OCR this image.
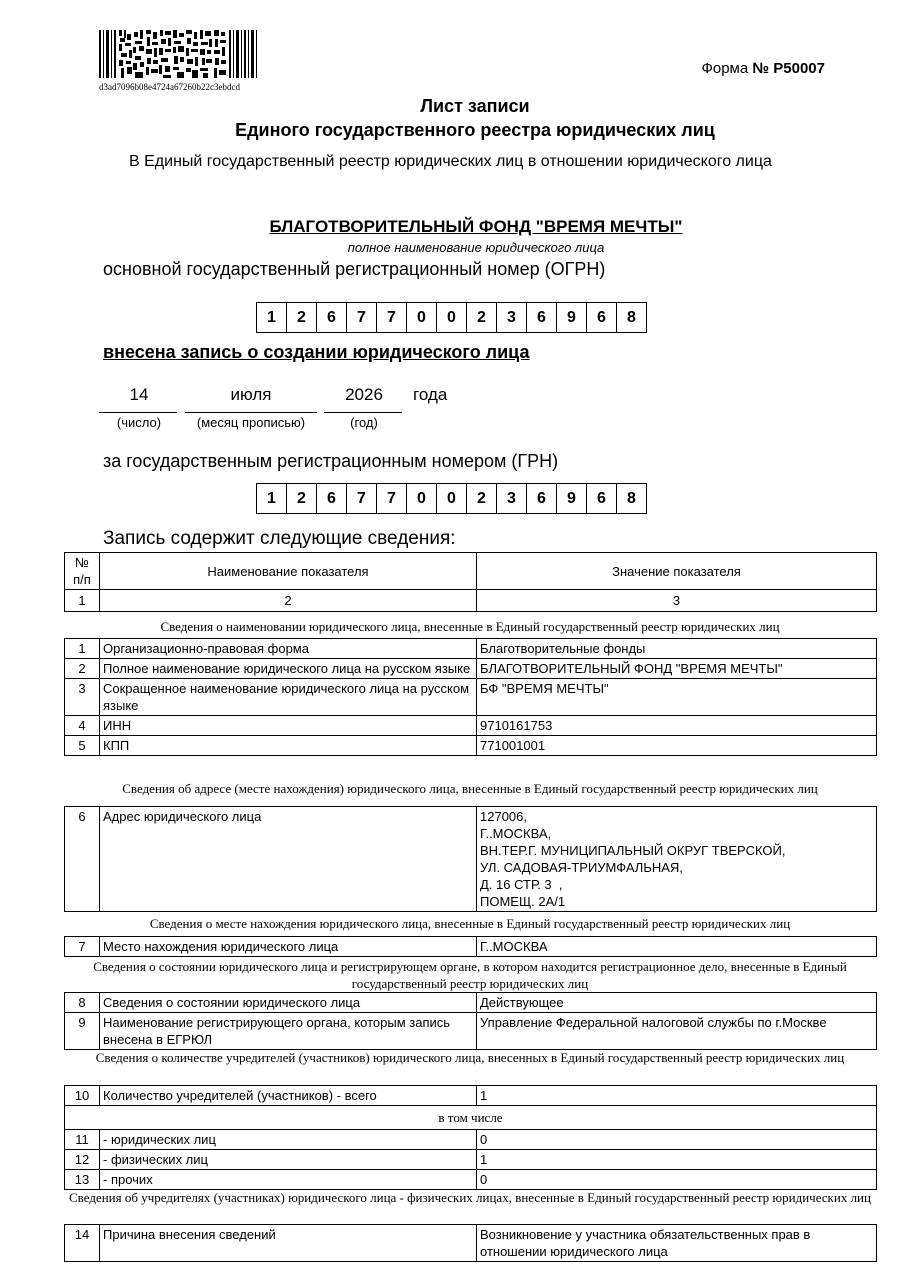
d3ad7096b08e4724a67260b22c3ebdcd
Форма № Р50007
Лист записи
Единого государственного реестра юридических лиц
В Единый государственный реестр юридических лиц в отношении юридического лица
БЛАГОТВОРИТЕЛЬНЫЙ ФОНД "ВРЕМЯ МЕЧТЫ"
полное наименование юридического лица
основной государственный регистрационный номер (ОГРН)
1	2	6	7	7	0	0	2	3	6	9	6	8
внесена запись о создании юридического лица
14	июля	2026	года
(число)	(месяц прописью)	(год)
за государственным регистрационным номером (ГРН)
1	2	6	7	7	0	0	2	3	6	9	6	8
Запись содержит следующие сведения:
№ п/п	Наименование показателя	Значение показателя
1	2	3
Сведения о наименовании юридического лица, внесенные в Единый государственный реестр юридических лиц
1	Организационно-правовая форма	Благотворительные фонды
2	Полное наименование юридического лица на русском языке	БЛАГОТВОРИТЕЛЬНЫЙ ФОНД "ВРЕМЯ МЕЧТЫ"
3	Сокращенное наименование юридического лица на русском языке	БФ "ВРЕМЯ МЕЧТЫ"
4	ИНН	9710161753
5	КПП	771001001
Сведения об адресе (месте нахождения) юридического лица, внесенные в Единый государственный реестр юридических лиц
6	Адрес юридического лица	127006,
Г..МОСКВА,
ВН.ТЕР.Г. МУНИЦИПАЛЬНЫЙ ОКРУГ ТВЕРСКОЙ,
УЛ. САДОВАЯ-ТРИУМФАЛЬНАЯ,
Д. 16 СТР. 3  ,
ПОМЕЩ. 2А/1
Сведения о месте нахождения юридического лица, внесенные в Единый государственный реестр юридических лиц
7	Место нахождения юридического лица	Г..МОСКВА
Сведения о состоянии юридического лица и регистрирующем органе, в котором находится регистрационное дело, внесенные в Единый государственный реестр юридических лиц
8	Сведения о состоянии юридического лица	Действующее
9	Наименование регистрирующего органа, которым запись внесена в ЕГРЮЛ	Управление Федеральной налоговой службы по г.Москве
Сведения о количестве учредителей (участников) юридического лица, внесенных в Единый государственный реестр юридических лиц
10	Количество учредителей (участников) - всего	1
в том числе		
11	- юридических лиц	0
12	- физических лиц	1
13	- прочих	0
Сведения об учредителях (участниках) юридического лица - физических лицах, внесенные в Единый государственный реестр юридических лиц
14	Причина внесения сведений	Возникновение у участника обязательственных прав в отношении юридического лица
